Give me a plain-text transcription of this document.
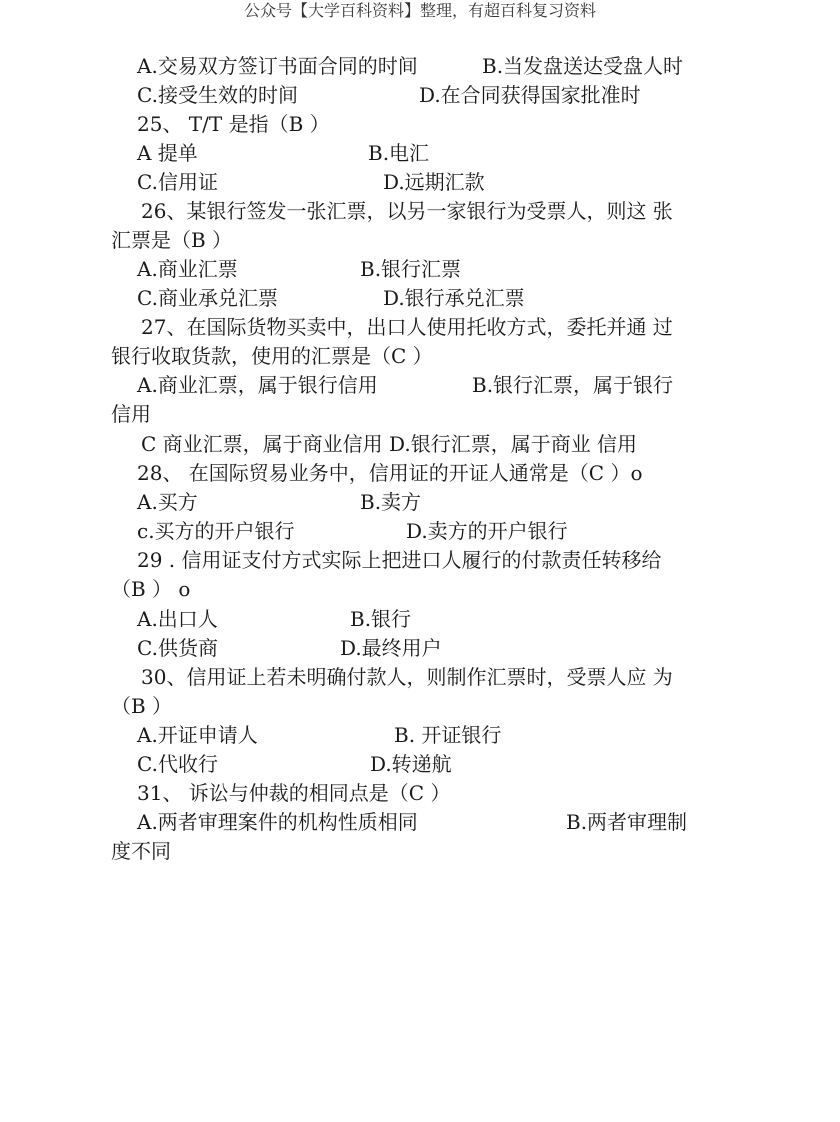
公众号【大学百科资料】整理，有超百科复习资料
A.交易双方签订书面合同的时间	B.当发盘送达受盘人时
C.接受生效的时间	D.在合同获得国家批准时
25、 T/T 是指（B ）
A 提单	B.电汇
C.信用证	D.远期汇款
26、某银行签发一张汇票，以另一家银行为受票人，则这 张
汇票是（B ）
A.商业汇票	B.银行汇票
C.商业承兑汇票	D.银行承兑汇票
27、在国际货物买卖中，出口人使用托收方式，委托并通 过
银行收取货款，使用的汇票是（C ）
A.商业汇票，属于银行信用	B.银行汇票，属于银行
信用
C 商业汇票，属于商业信用 D.银行汇票，属于商业 信用
28、 在国际贸易业务中，信用证的开证人通常是（C ）o
A.买方	B.卖方
c.买方的开户银行	D.卖方的开户银行
29 . 信用证支付方式实际上把进口人履行的付款责任转移给
（B ） o
A.出口人	B.银行
C.供货商	D.最终用户
30、信用证上若未明确付款人，则制作汇票时，受票人应 为
（B ）
A.开证申请人	B. 开证银行
C.代收行	D.转递航
31、 诉讼与仲裁的相同点是（C ）
A.两者审理案件的机构性质相同	B.两者审理制
度不同
